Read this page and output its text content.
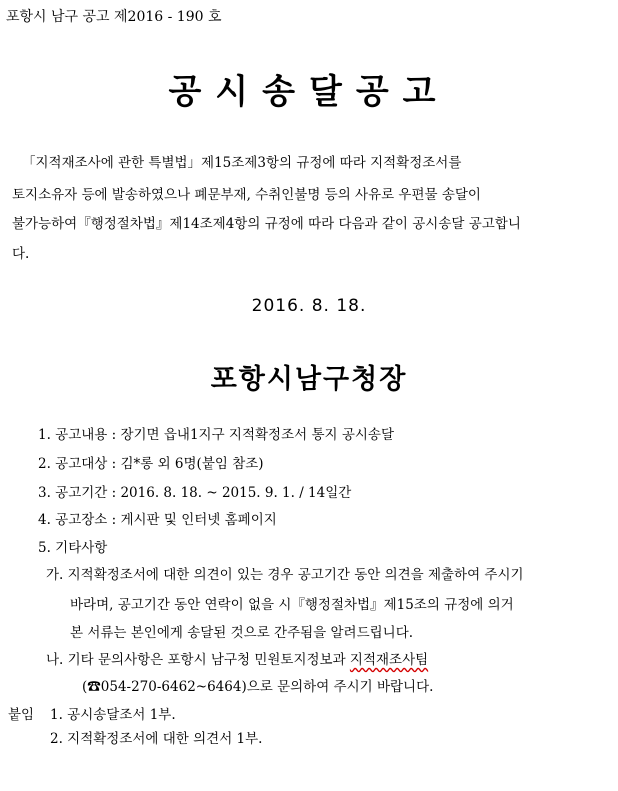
포항시 남구 공고 제2016 - 190 호
공시송달공고
「지적재조사에 관한 특별법」제15조제3항의 규정에 따라 지적확정조서를
토지소유자 등에 발송하였으나 폐문부재, 수취인불명 등의 사유로 우편물 송달이
불가능하여『행정절차법』제14조제4항의 규정에 따라 다음과 같이 공시송달 공고합니
다.
2016. 8. 18.
포항시남구청장
1. 공고내용 : 장기면 읍내1지구 지적확정조서 통지 공시송달
2. 공고대상 : 김*롱 외 6명(붙임 참조)
3. 공고기간 : 2016. 8. 18. ~ 2015. 9. 1. / 14일간
4. 공고장소 : 게시판 및 인터넷 홈페이지
5. 기타사항
가. 지적확정조서에 대한 의견이 있는 경우 공고기간 동안 의견을 제출하여 주시기
바라며, 공고기간 동안 연락이 없을 시『행정절차법』제15조의 규정에 의거
본 서류는 본인에게 송달된 것으로 간주됨을 알려드립니다.
나. 기타 문의사항은 포항시 남구청 민원토지정보과 지적재조사팀
(☎054-270-6462~6464)으로 문의하여 주시기 바랍니다.
붙임 1. 공시송달조서 1부.
2. 지적확정조서에 대한 의견서 1부.
